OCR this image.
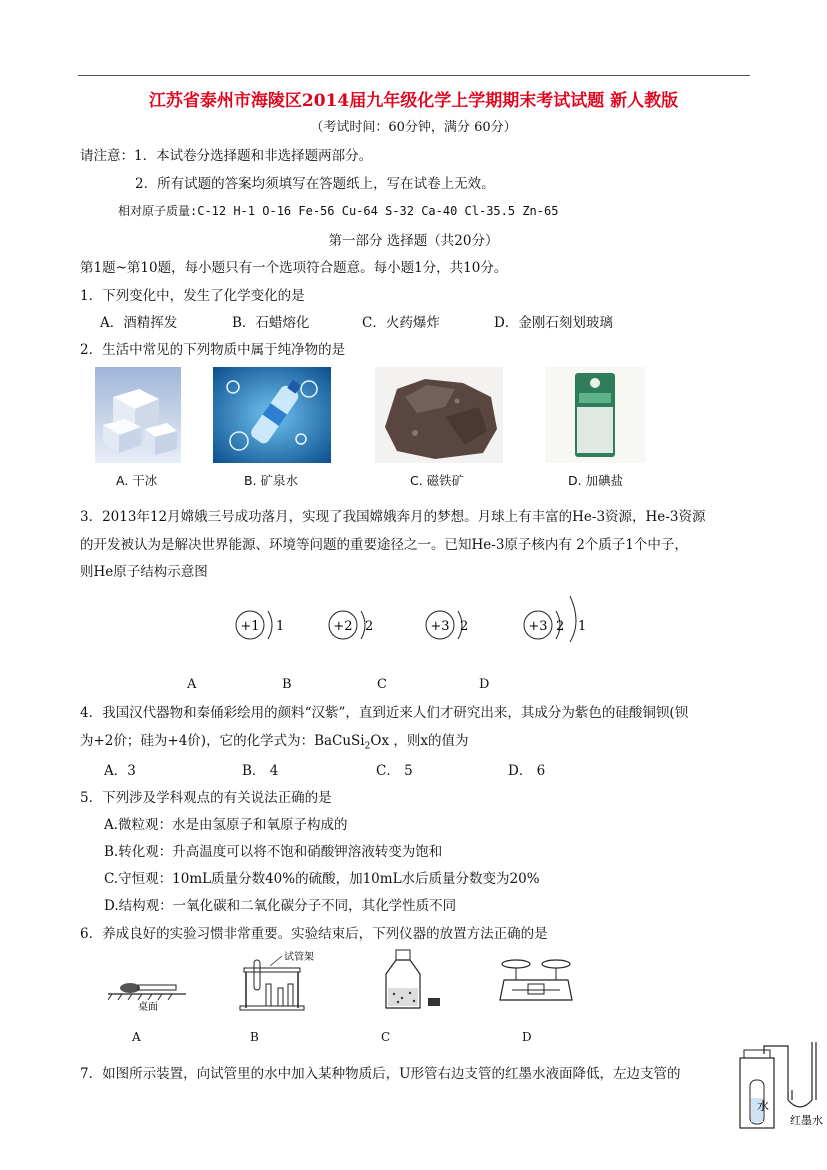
江苏省泰州市海陵区2014届九年级化学上学期期末考试试题 新人教版
（考试时间：60分钟，满分 60分）
请注意：1．本试卷分选择题和非选择题两部分。
2．所有试题的答案均须填写在答题纸上，写在试卷上无效。
相对原子质量:C-12 H-1 O-16 Fe-56 Cu-64 S-32 Ca-40 Cl-35.5 Zn-65
第一部分 选择题（共20分）
第1题~第10题，每小题只有一个选项符合题意。每小题1分，共10分。
1．下列变化中，发生了化学变化的是
A．酒精挥发	B．石蜡熔化	C．火药爆炸	D．金刚石刻划玻璃
2．生活中常见的下列物质中属于纯净物的是
A. 干冰	B. 矿泉水	C. 磁铁矿	D. 加碘盐
3．2013年12月嫦娥三号成功落月，实现了我国嫦娥奔月的梦想。月球上有丰富的He-3资源，He-3资源
的开发被认为是解决世界能源、环境等问题的重要途径之一。已知He-3原子核内有 2个质子1个中子，
则He原子结构示意图
+1 1	+2 2	+3 2	+3 2 1
A	B	C	D
4．我国汉代器物和秦俑彩绘用的颜料“汉紫”，直到近来人们才研究出来，其成分为紫色的硅酸铜钡(钡
为+2价；硅为+4价)，它的化学式为：BaCuSi$_2$Ox ，则x的值为
A．3	B． 4	C． 5	D． 6
5．下列涉及学科观点的有关说法正确的是
A.微粒观：水是由氢原子和氧原子构成的
B.转化观：升高温度可以将不饱和硝酸钾溶液转变为饱和
C.守恒观：10mL质量分数40%的硫酸，加10mL水后质量分数变为20%
D.结构观：一氧化碳和二氧化碳分子不同，其化学性质不同
6．养成良好的实验习惯非常重要。实验结束后，下列仪器的放置方法正确的是
桌面
试管架
A	B	C	D
7．如图所示装置，向试管里的水中加入某种物质后，U形管右边支管的红墨水液面降低，左边支管的
水
红墨水
